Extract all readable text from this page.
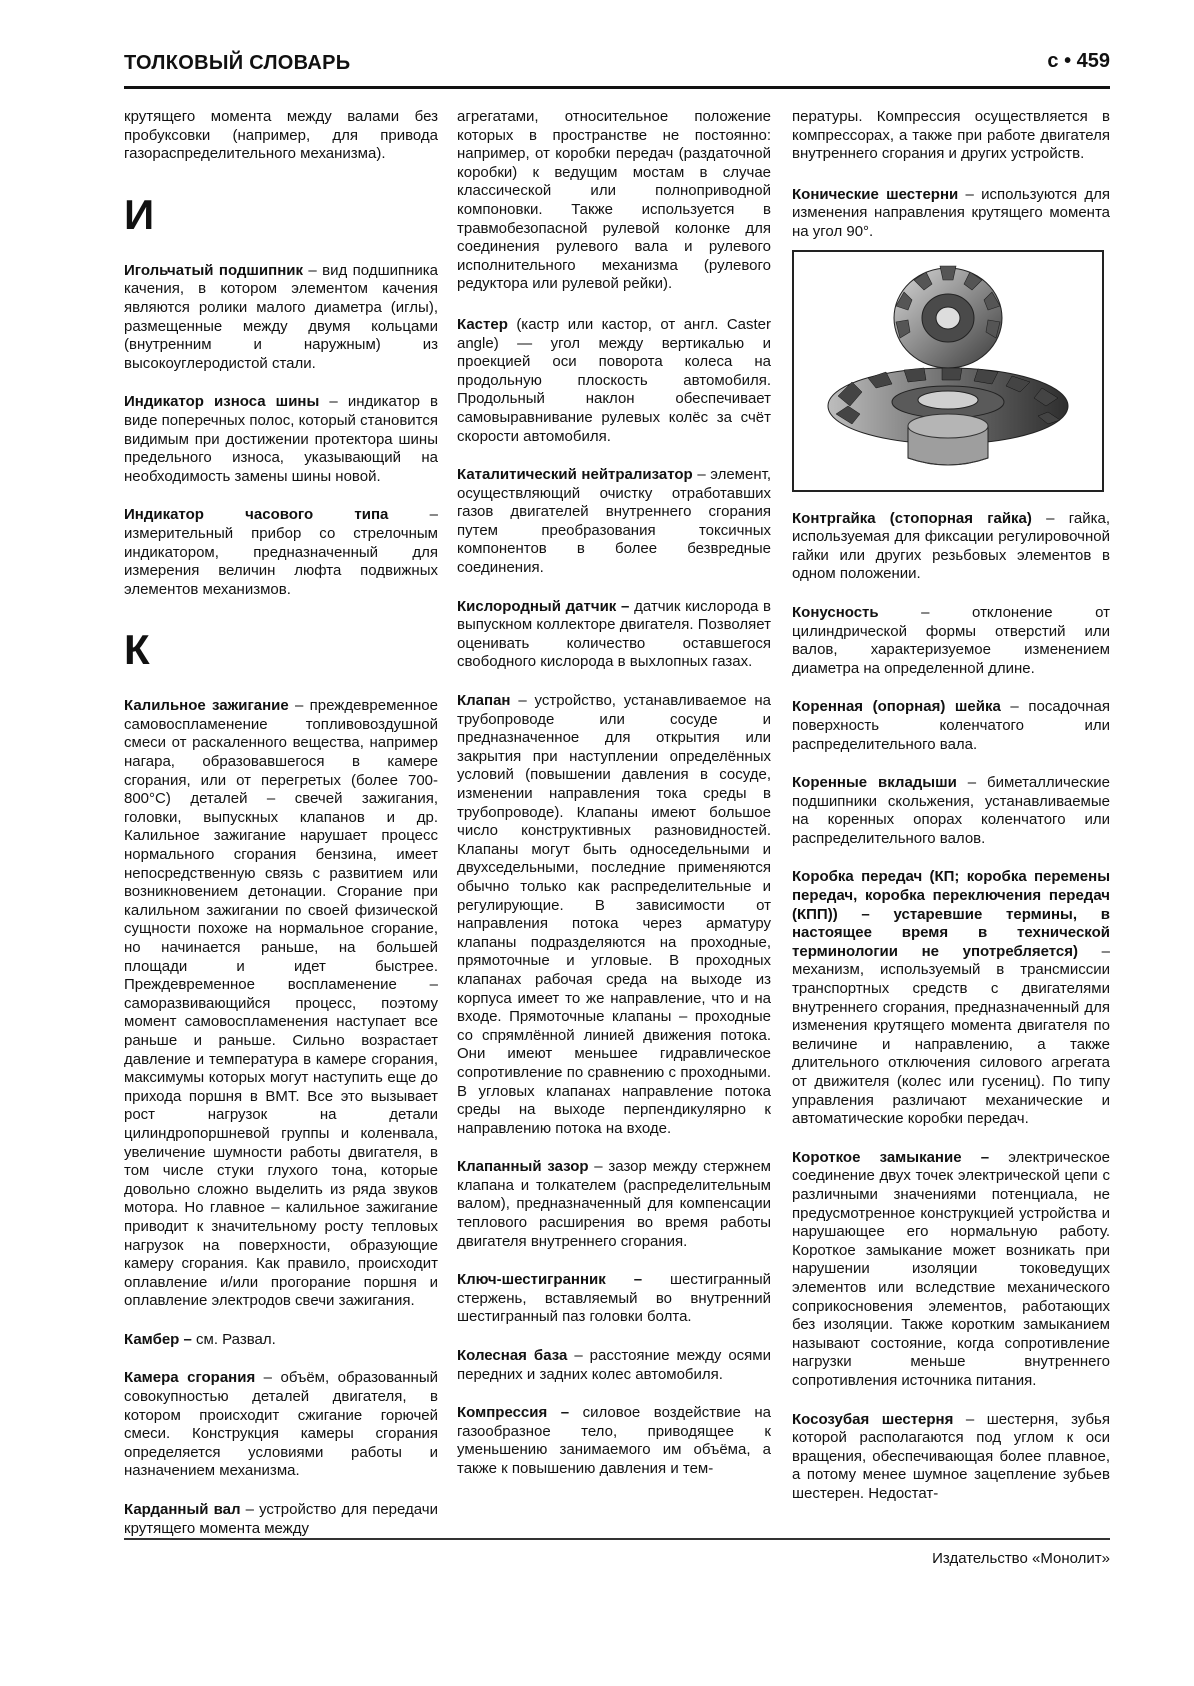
ТОЛКОВЫЙ СЛОВАРЬ	с • 459

крутящего момента между валами без пробуксовки (например, для привода газораспределительного механизма).

И

Игольчатый подшипник – вид подшипника качения, в котором элементом качения являются ролики малого диаметра (иглы), размещенные между двумя кольцами (внутренним и наружным) из высокоуглеродистой стали.

Индикатор износа шины – индикатор в виде поперечных полос, который становится видимым при достижении протектора шины предельного износа, указывающий на необходимость замены шины новой.

Индикатор часового типа – измерительный прибор со стрелочным индикатором, предназначенный для измерения величин люфта подвижных элементов механизмов.

К

Калильное зажигание – преждевременное самовоспламенение топливовоздушной смеси от раскаленного вещества, например нагара, образовавшегося в камере сгорания, или от перегретых (более 700-800°C) деталей – свечей зажигания, головки, выпускных клапанов и др. Калильное зажигание нарушает процесс нормального сгорания бензина, имеет непосредственную связь с развитием или возникновением детонации. Сгорание при калильном зажигании по своей физической сущности похоже на нормальное сгорание, но начинается раньше, на большей площади и идет быстрее. Преждевременное воспламенение – саморазвивающийся процесс, поэтому момент самовоспламенения наступает все раньше и раньше. Сильно возрастает давление и температура в камере сгорания, максимумы которых могут наступить еще до прихода поршня в ВМТ. Все это вызывает рост нагрузок на детали цилиндропоршневой группы и коленвала, увеличение шумности работы двигателя, в том числе стуки глухого тона, которые довольно сложно выделить из ряда звуков мотора. Но главное – калильное зажигание приводит к значительному росту тепловых нагрузок на поверхности, образующие камеру сгорания. Как правило, происходит оплавление и/или прогорание поршня и оплавление электродов свечи зажигания.

Камбер – см. Развал.

Камера сгорания – объём, образованный совокупностью деталей двигателя, в котором происходит сжигание горючей смеси. Конструкция камеры сгорания определяется условиями работы и назначением механизма.

Карданный вал – устройство для передачи крутящего момента между

агрегатами, относительное положение которых в пространстве не постоянно: например, от коробки передач (раздаточной коробки) к ведущим мостам в случае классической или полноприводной компоновки. Также используется в травмобезопасной рулевой колонке для соединения рулевого вала и рулевого исполнительного механизма (рулевого редуктора или рулевой рейки).

Кастер (кастр или кастор, от англ. Caster angle) — угол между вертикалью и проекцией оси поворота колеса на продольную плоскость автомобиля. Продольный наклон обеспечивает самовыравнивание рулевых колёс за счёт скорости автомобиля.

Каталитический нейтрализатор – элемент, осуществляющий очистку отработавших газов двигателей внутреннего сгорания путем преобразования токсичных компонентов в более безвредные соединения.

Кислородный датчик – датчик кислорода в выпускном коллекторе двигателя. Позволяет оценивать количество оставшегося свободного кислорода в выхлопных газах.

Клапан – устройство, устанавливаемое на трубопроводе или сосуде и предназначенное для открытия или закрытия при наступлении определённых условий (повышении давления в сосуде, изменении направления тока среды в трубопроводе). Клапаны имеют большое число конструктивных разновидностей. Клапаны могут быть односедельными и двухседельными, последние применяются обычно только как распределительные и регулирующие. В зависимости от направления потока через арматуру клапаны подразделяются на проходные, прямоточные и угловые. В проходных клапанах рабочая среда на выходе из корпуса имеет то же направление, что и на входе. Прямоточные клапаны – проходные со спрямлённой линией движения потока. Они имеют меньшее гидравлическое сопротивление по сравнению с проходными. В угловых клапанах направление потока среды на выходе перпендикулярно к направлению потока на входе.

Клапанный зазор – зазор между стержнем клапана и толкателем (распределительным валом), предназначенный для компенсации теплового расширения во время работы двигателя внутреннего сгорания.

Ключ-шестигранник – шестигранный стержень, вставляемый во внутренний шестигранный паз головки болта.

Колесная база – расстояние между осями передних и задних колес автомобиля.

Компрессия – силовое воздействие на газообразное тело, приводящее к уменьшению занимаемого им объёма, а также к повышению давления и тем-

пературы. Компрессия осуществляется в компрессорах, а также при работе двигателя внутреннего сгорания и других устройств.

Конические шестерни – используются для изменения направления крутящего момента на угол 90°.

Контргайка (стопорная гайка) – гайка, используемая для фиксации регулировочной гайки или других резьбовых элементов в одном положении.

Конусность – отклонение от цилиндрической формы отверстий или валов, характеризуемое изменением диаметра на определенной длине.

Коренная (опорная) шейка – посадочная поверхность коленчатого или распределительного вала.

Коренные вкладыши – биметаллические подшипники скольжения, устанавливаемые на коренных опорах коленчатого или распределительного валов.

Коробка передач (КП; коробка перемены передач, коробка переключения передач (КПП)) – устаревшие термины, в настоящее время в технической терминологии не употребляется) – механизм, используемый в трансмиссии транспортных средств с двигателями внутреннего сгорания, предназначенный для изменения крутящего момента двигателя по величине и направлению, а также длительного отключения силового агрегата от движителя (колес или гусениц). По типу управления различают механические и автоматические коробки передач.

Короткое замыкание – электрическое соединение двух точек электрической цепи с различными значениями потенциала, не предусмотренное конструкцией устройства и нарушающее его нормальную работу. Короткое замыкание может возникать при нарушении изоляции токоведущих элементов или вследствие механического соприкосновения элементов, работающих без изоляции. Также коротким замыканием называют состояние, когда сопротивление нагрузки меньше внутреннего сопротивления источника питания.

Косозубая шестерня – шестерня, зубья которой располагаются под углом к оси вращения, обеспечивающая более плавное, а потому менее шумное зацепление зубьев шестерен. Недостат-

Издательство «Монолит»
